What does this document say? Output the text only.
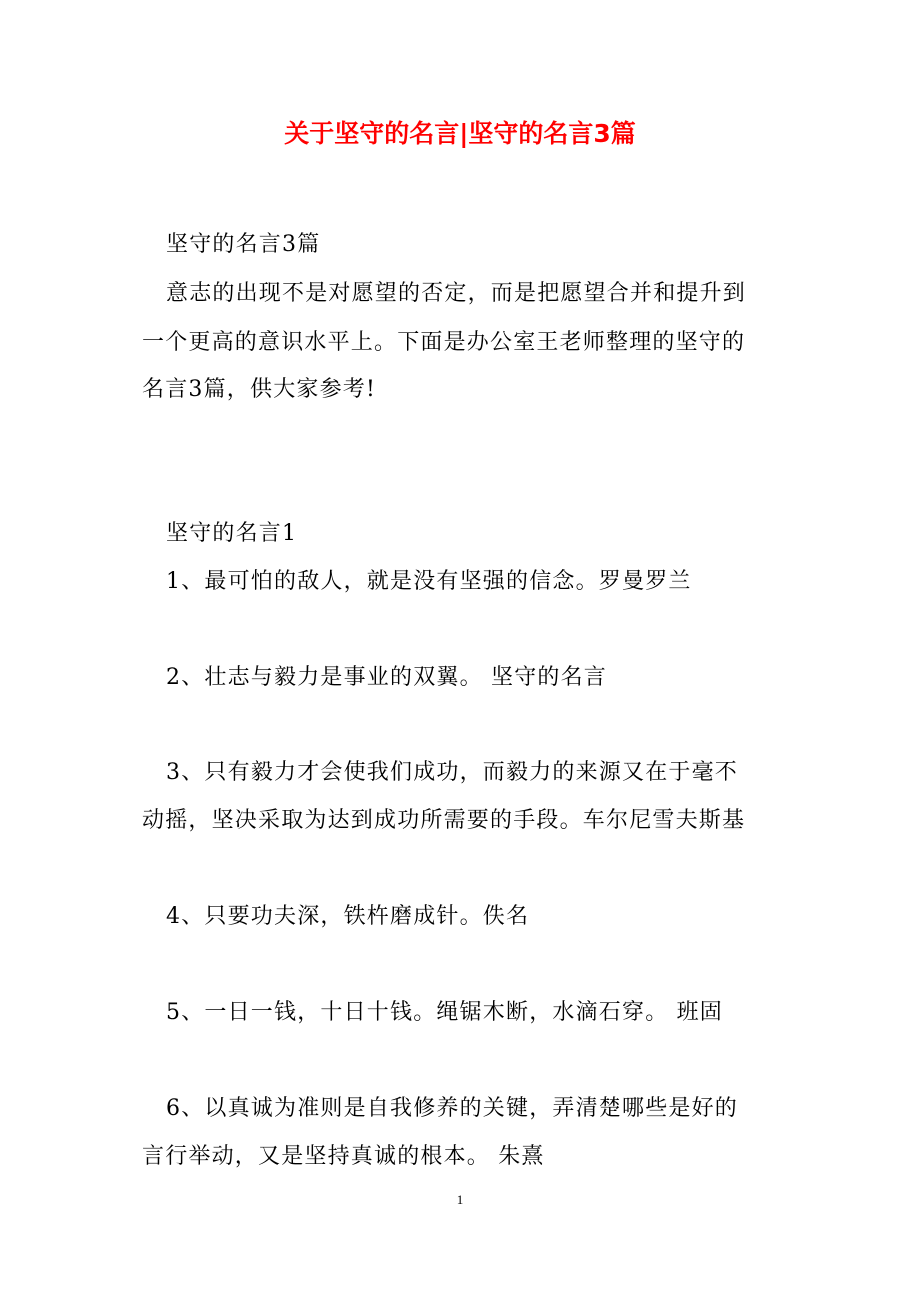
关于坚守的名言|坚守的名言3篇
坚守的名言3篇
意志的出现不是对愿望的否定，而是把愿望合并和提升到
一个更高的意识水平上。下面是办公室王老师整理的坚守的
名言3篇，供大家参考!
坚守的名言1
1、最可怕的敌人，就是没有坚强的信念。罗曼罗兰
2、壮志与毅力是事业的双翼。 坚守的名言
3、只有毅力才会使我们成功，而毅力的来源又在于毫不
动摇，坚决采取为达到成功所需要的手段。车尔尼雪夫斯基
4、只要功夫深，铁杵磨成针。佚名
5、一日一钱，十日十钱。绳锯木断，水滴石穿。 班固
6、以真诚为准则是自我修养的关键，弄清楚哪些是好的
言行举动，又是坚持真诚的根本。 朱熹
1
